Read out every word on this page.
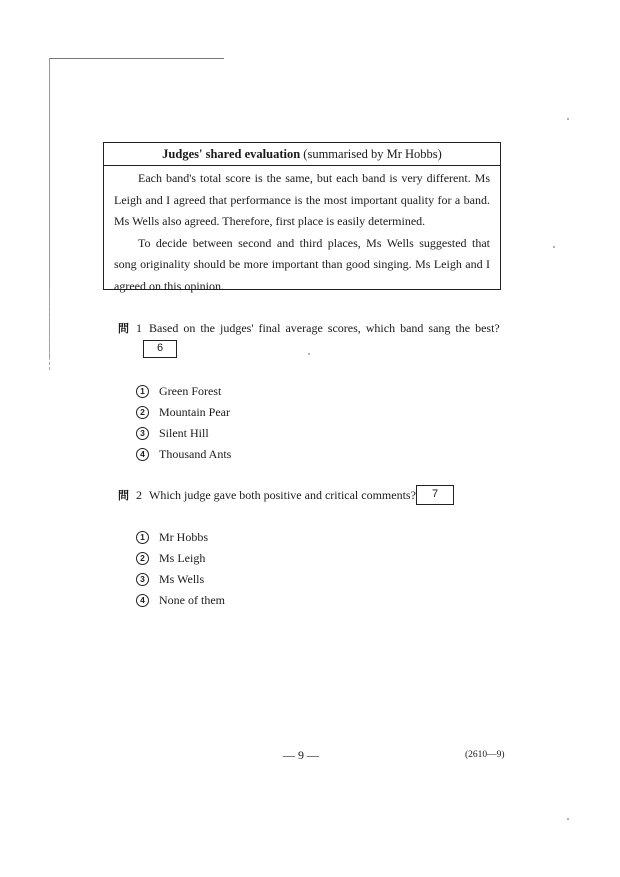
Judges' shared evaluation (summarised by Mr Hobbs)

Each band's total score is the same, but each band is very different. Ms Leigh and I agreed that performance is the most important quality for a band. Ms Wells also agreed. Therefore, first place is easily determined.

To decide between second and third places, Ms Wells suggested that song originality should be more important than good singing. Ms Leigh and I agreed on this opinion.

問 1 Based on the judges' final average scores, which band sang the best?
6
1 Green Forest
2 Mountain Pear
3 Silent Hill
4 Thousand Ants
問 2 Which judge gave both positive and critical comments?	7
1 Mr Hobbs
2 Ms Leigh
3 Ms Wells
4 None of them
— 9 —	(2610—9)
